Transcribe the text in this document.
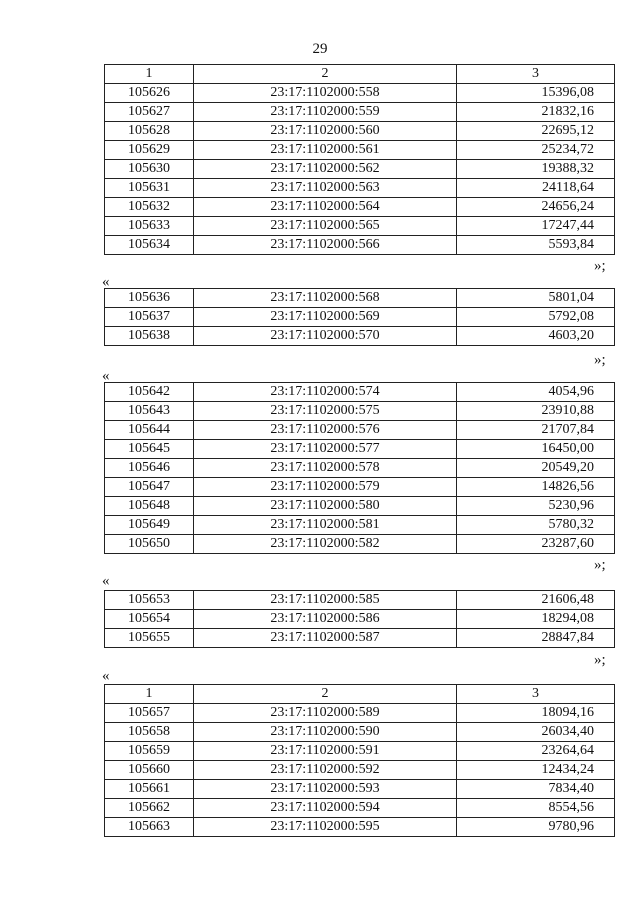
29
1	2	3
105626	23:17:1102000:558	15396,08
105627	23:17:1102000:559	21832,16
105628	23:17:1102000:560	22695,12
105629	23:17:1102000:561	25234,72
105630	23:17:1102000:562	19388,32
105631	23:17:1102000:563	24118,64
105632	23:17:1102000:564	24656,24
105633	23:17:1102000:565	17247,44
105634	23:17:1102000:566	5593,84
»;
«
105636	23:17:1102000:568	5801,04
105637	23:17:1102000:569	5792,08
105638	23:17:1102000:570	4603,20
»;
«
105642	23:17:1102000:574	4054,96
105643	23:17:1102000:575	23910,88
105644	23:17:1102000:576	21707,84
105645	23:17:1102000:577	16450,00
105646	23:17:1102000:578	20549,20
105647	23:17:1102000:579	14826,56
105648	23:17:1102000:580	5230,96
105649	23:17:1102000:581	5780,32
105650	23:17:1102000:582	23287,60
»;
«
105653	23:17:1102000:585	21606,48
105654	23:17:1102000:586	18294,08
105655	23:17:1102000:587	28847,84
»;
«
1	2	3
105657	23:17:1102000:589	18094,16
105658	23:17:1102000:590	26034,40
105659	23:17:1102000:591	23264,64
105660	23:17:1102000:592	12434,24
105661	23:17:1102000:593	7834,40
105662	23:17:1102000:594	8554,56
105663	23:17:1102000:595	9780,96
